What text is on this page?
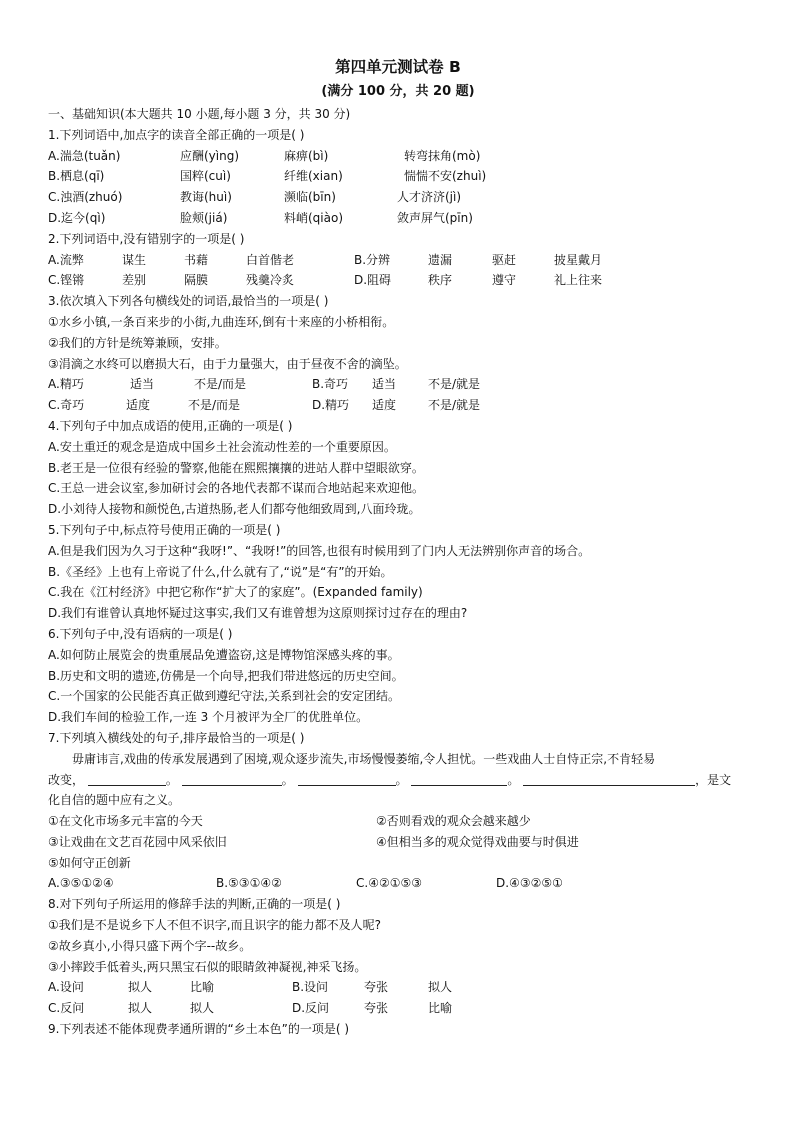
第四单元测试卷 B
(满分 100 分，共 20 题)
一、基础知识(本大题共 10 小题,每小题 3 分，共 30 分)
1.下列词语中,加点字的读音全部正确的一项是( )
A.湍急(tuǎn)	应酬(yìng)	麻痹(bì)	转弯抹角(mò)
B.栖息(qī)	国粹(cuì)	纤维(xian)	惴惴不安(zhuì)
C.浊酒(zhuó)	教诲(huì)	濒临(bīn)	人才济济(jì)
D.迄今(qì)	脸颊(jiá)	料峭(qiào)	敛声屏气(pīn)
2.下列词语中,没有错别字的一项是( )
A.流弊	谋生	书藉	白首偕老	B.分辨	遗漏	驱赶	披星戴月
C.铿锵	差别	隔膜	残羹冷炙	D.阻碍	秩序	遵守	礼上往来
3.依次填入下列各句横线处的词语,最恰当的一项是( )
①水乡小镇,一条百来步的小街,九曲连环,倒有十来座的小桥相衔。
②我们的方针是统筹兼顾，安排。
③涓滴之水终可以磨损大石，由于力量强大，由于昼夜不舍的滴坠。
A.精巧	适当	不是/而是	B.奇巧	适当	不是/就是
C.奇巧	适度	不是/而是	D.精巧	适度	不是/就是
4.下列句子中加点成语的使用,正确的一项是( )
A.安土重迁的观念是造成中国乡土社会流动性差的一个重要原因。
B.老王是一位很有经验的警察,他能在熙熙攘攘的进站人群中望眼欲穿。
C.王总一进会议室,参加研讨会的各地代表都不谋而合地站起来欢迎他。
D.小刘待人接物和颜悦色,古道热肠,老人们都夸他细致周到,八面玲珑。
5.下列句子中,标点符号使用正确的一项是( )
A.但是我们因为久习于这种“我呀!”、“我呀!”的回答,也很有时候用到了门内人无法辨别你声音的场合。
B.《圣经》上也有上帝说了什么,什么就有了,“说”是“有”的开始。
C.我在《江村经济》中把它称作“扩大了的家庭”。(Expanded family)
D.我们有谁曾认真地怀疑过这事实,我们又有谁曾想为这原则探讨过存在的理由?
6.下列句子中,没有语病的一项是( )
A.如何防止展览会的贵重展品免遭盗窃,这是博物馆深感头疼的事。
B.历史和文明的遗迹,仿佛是一个向导,把我们带进悠远的历史空间。
C.一个国家的公民能否真正做到遵纪守法,关系到社会的安定团结。
D.我们车间的检验工作,一连 3 个月被评为全厂的优胜单位。
7.下列填入横线处的句子,排序最恰当的一项是( )
毋庸讳言,戏曲的传承发展遇到了困境,观众逐步流失,市场慢慢萎缩,令人担忧。一些戏曲人士自恃正宗,不肯轻易
改变，	。	。	。	。	，是文
化自信的题中应有之义。
①在文化市场多元丰富的今天	②否则看戏的观众会越来越少
③让戏曲在文艺百花园中风采依旧	④但相当多的观众觉得戏曲要与时俱进
⑤如何守正创新
A.③⑤①②④	B.⑤③①④②	C.④②①⑤③	D.④③②⑤①
8.对下列句子所运用的修辞手法的判断,正确的一项是( )
①我们是不是说乡下人不但不识字,而且识字的能力都不及人呢?
②故乡真小,小得只盛下两个字--故乡。
③小摔跤手低着头,两只黑宝石似的眼睛敛神凝视,神采飞扬。
A.设问	拟人	比喻	B.设问	夸张	拟人
C.反问	拟人	拟人	D.反问	夸张	比喻
9.下列表述不能体现费孝通所谓的“乡土本色”的一项是( )
